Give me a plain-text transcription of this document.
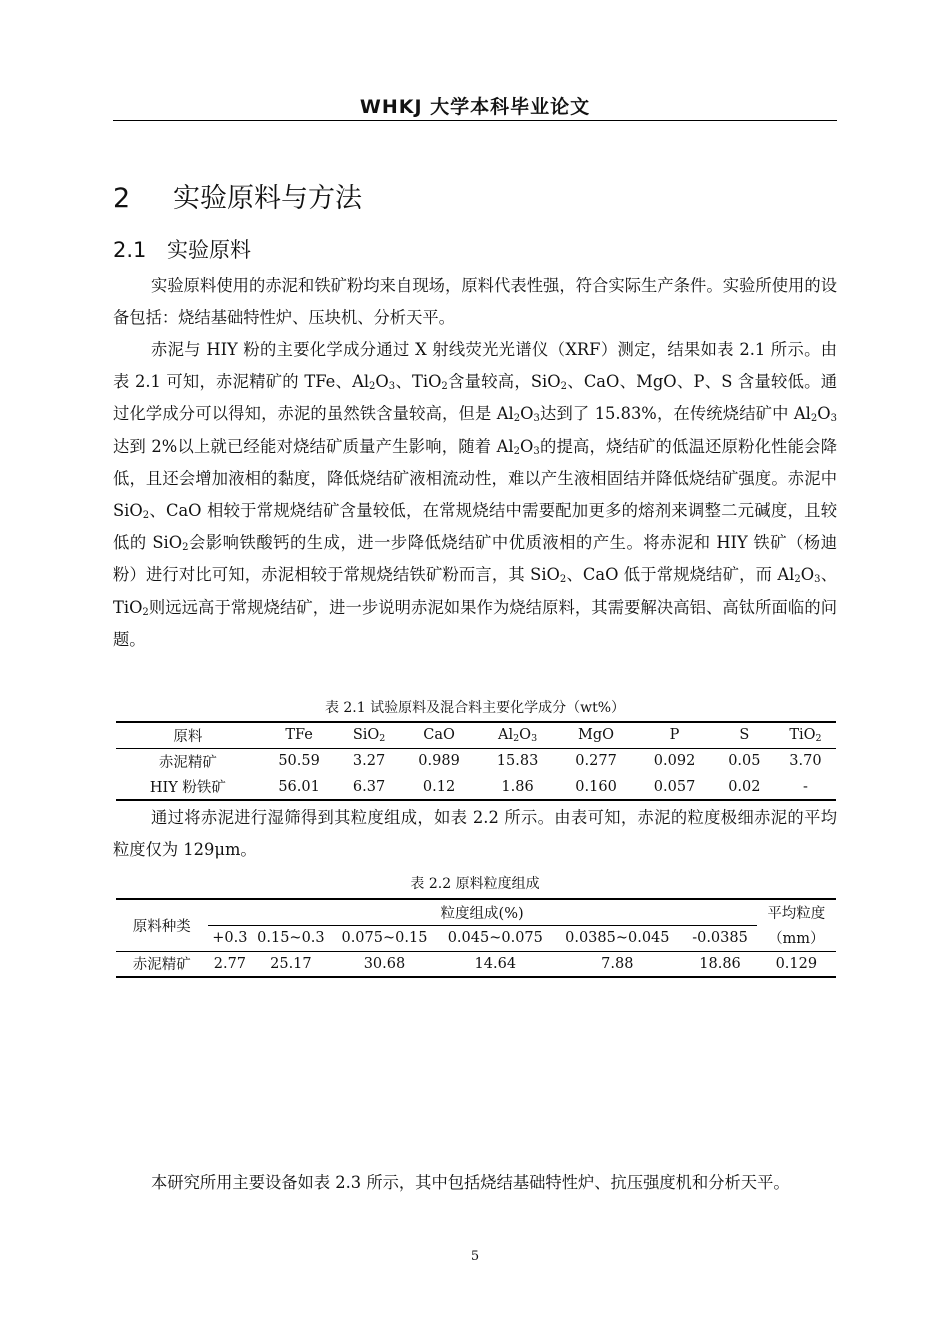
WHKJ 大学本科毕业论文
2 实验原料与方法
2.1 实验原料
实验原料使用的赤泥和铁矿粉均来自现场，原料代表性强，符合实际生产条件。实验所使用的设备包括：烧结基础特性炉、压块机、分析天平。
赤泥与 HIY 粉的主要化学成分通过 X 射线荧光光谱仪（XRF）测定，结果如表 2.1 所示。由表 2.1 可知，赤泥精矿的 TFe、$Al_2O_3$、TiO$_2$含量较高，SiO$_2$、CaO、MgO、P、S 含量较低。通过化学成分可以得知，赤泥的虽然铁含量较高，但是 $Al_2O_3$达到了 15.83%，在传统烧结矿中 $Al_2O_3$达到 2%以上就已经能对烧结矿质量产生影响，随着 $Al_2O_3$的提高，烧结矿的低温还原粉化性能会降低，且还会增加液相的黏度，降低烧结矿液相流动性，难以产生液相固结并降低烧结矿强度。赤泥中 SiO$_2$、CaO 相较于常规烧结矿含量较低，在常规烧结中需要配加更多的熔剂来调整二元碱度，且较低的 SiO$_2$会影响铁酸钙的生成，进一步降低烧结矿中优质液相的产生。将赤泥和 HIY 铁矿（杨迪粉）进行对比可知，赤泥相较于常规烧结铁矿粉而言，其 SiO$_2$、CaO 低于常规烧结矿，而 $Al_2O_3$、TiO$_2$则远远高于常规烧结矿，进一步说明赤泥如果作为烧结原料，其需要解决高铝、高钛所面临的问题。
表 2.1 试验原料及混合料主要化学成分（wt%）
原料	TFe	SiO$_2$	CaO	$Al_2O_3$	MgO	P	S	TiO$_2$
赤泥精矿	50.59	3.27	0.989	15.83	0.277	0.092	0.05	3.70
HIY 粉铁矿	56.01	6.37	0.12	1.86	0.160	0.057	0.02	-
通过将赤泥进行湿筛得到其粒度组成，如表 2.2 所示。由表可知，赤泥的粒度极细赤泥的平均粒度仅为 129μm。
表 2.2 原料粒度组成
原料种类	粒度组成(%)						平均粒度
	+0.3	0.15~0.3	0.075~0.15	0.045~0.075	0.0385~0.045	-0.0385	（mm）
赤泥精矿	2.77	25.17	30.68	14.64	7.88	18.86	0.129
本研究所用主要设备如表 2.3 所示，其中包括烧结基础特性炉、抗压强度机和分析天平。
5
